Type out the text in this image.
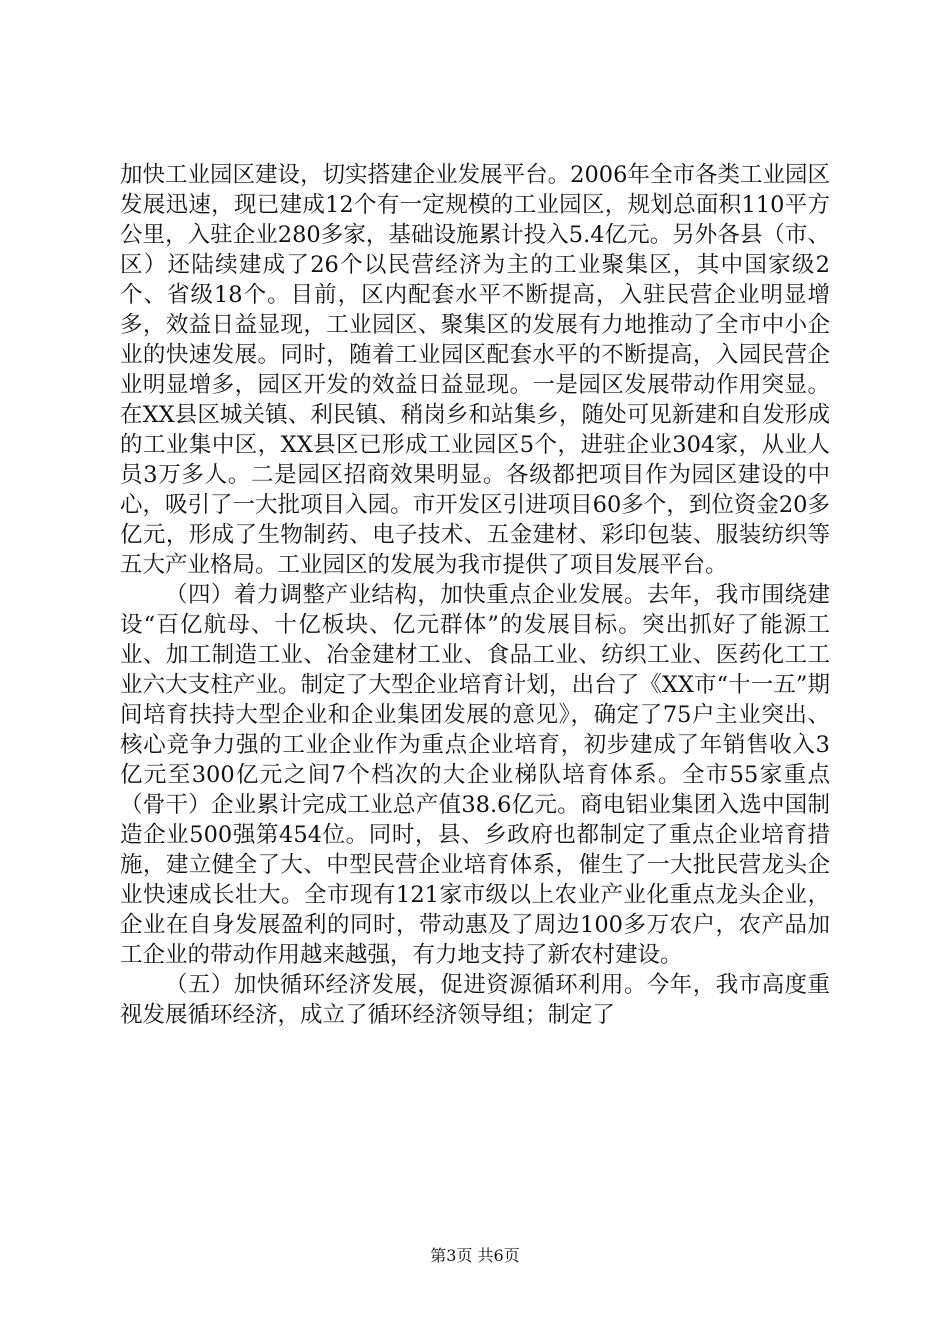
加快工业园区建设，切实搭建企业发展平台。2006年全市各类工业园区发展迅速，现已建成12个有一定规模的工业园区，规划总面积110平方公里，入驻企业280多家，基础设施累计投入5.4亿元。另外各县（市、区）还陆续建成了26个以民营经济为主的工业聚集区，其中国家级2个、省级18个。目前，区内配套水平不断提高，入驻民营企业明显增多，效益日益显现，工业园区、聚集区的发展有力地推动了全市中小企业的快速发展。同时，随着工业园区配套水平的不断提高，入园民营企业明显增多，园区开发的效益日益显现。一是园区发展带动作用突显。在XX县区城关镇、利民镇、稍岗乡和站集乡，随处可见新建和自发形成的工业集中区，XX县区已形成工业园区5个，进驻企业304家，从业人员3万多人。二是园区招商效果明显。各级都把项目作为园区建设的中心，吸引了一大批项目入园。市开发区引进项目60多个，到位资金20多亿元，形成了生物制药、电子技术、五金建材、彩印包装、服装纺织等五大产业格局。工业园区的发展为我市提供了项目发展平台。

（四）着力调整产业结构，加快重点企业发展。去年，我市围绕建设“百亿航母、十亿板块、亿元群体”的发展目标。突出抓好了能源工业、加工制造工业、冶金建材工业、食品工业、纺织工业、医药化工工业六大支柱产业。制定了大型企业培育计划，出台了《XX市“十一五”期间培育扶持大型企业和企业集团发展的意见》，确定了75户主业突出、核心竞争力强的工业企业作为重点企业培育，初步建成了年销售收入3亿元至300亿元之间7个档次的大企业梯队培育体系。全市55家重点（骨干）企业累计完成工业总产值38.6亿元。商电铝业集团入选中国制造企业500强第454位。同时，县、乡政府也都制定了重点企业培育措施，建立健全了大、中型民营企业培育体系，催生了一大批民营龙头企业快速成长壮大。全市现有121家市级以上农业产业化重点龙头企业，企业在自身发展盈利的同时，带动惠及了周边100多万农户，农产品加工企业的带动作用越来越强，有力地支持了新农村建设。

（五）加快循环经济发展，促进资源循环利用。今年，我市高度重视发展循环经济，成立了循环经济领导组；制定了

第3页 共6页
